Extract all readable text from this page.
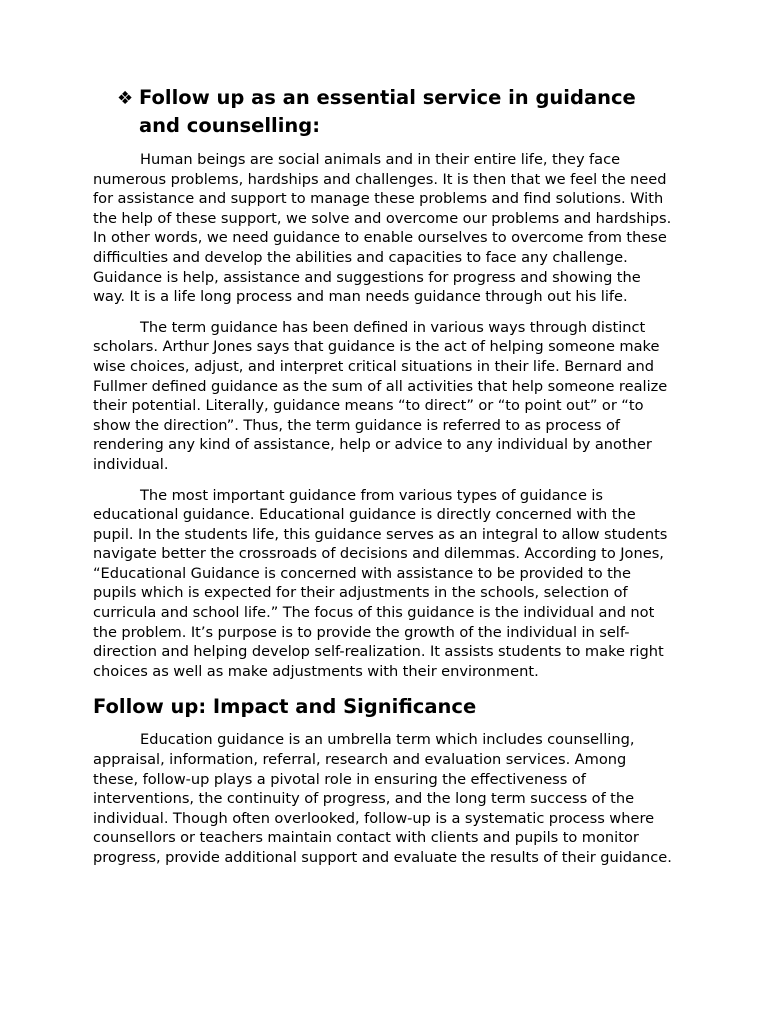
❖ Follow up as an essential service in guidance and counselling:

Human beings are social animals and in their entire life, they face numerous problems, hardships and challenges. It is then that we feel the need for assistance and support to manage these problems and find solutions. With the help of these support, we solve and overcome our problems and hardships. In other words, we need guidance to enable ourselves to overcome from these difficulties and develop the abilities and capacities to face any challenge. Guidance is help, assistance and suggestions for progress and showing the way. It is a life long process and man needs guidance through out his life.

The term guidance has been defined in various ways through distinct scholars. Arthur Jones says that guidance is the act of helping someone make wise choices, adjust, and interpret critical situations in their life. Bernard and Fullmer defined guidance as the sum of all activities that help someone realize their potential. Literally, guidance means “to direct” or “to point out” or “to show the direction”. Thus, the term guidance is referred to as process of rendering any kind of assistance, help or advice to any individual by another individual.

The most important guidance from various types of guidance is educational guidance. Educational guidance is directly concerned with the pupil. In the students life, this guidance serves as an integral to allow students navigate better the crossroads of decisions and dilemmas. According to Jones, “Educational Guidance is concerned with assistance to be provided to the pupils which is expected for their adjustments in the schools, selection of curricula and school life.” The focus of this guidance is the individual and not the problem. It’s purpose is to provide the growth of the individual in self-direction and helping develop self-realization. It assists students to make right choices as well as make adjustments with their environment.

Follow up: Impact and Significance

Education guidance is an umbrella term which includes counselling, appraisal, information, referral, research and evaluation services. Among these, follow-up plays a pivotal role in ensuring the effectiveness of interventions, the continuity of progress, and the long term success of the individual. Though often overlooked, follow-up is a systematic process where counsellors or teachers maintain contact with clients and pupils to monitor progress, provide additional support and evaluate the results of their guidance.
